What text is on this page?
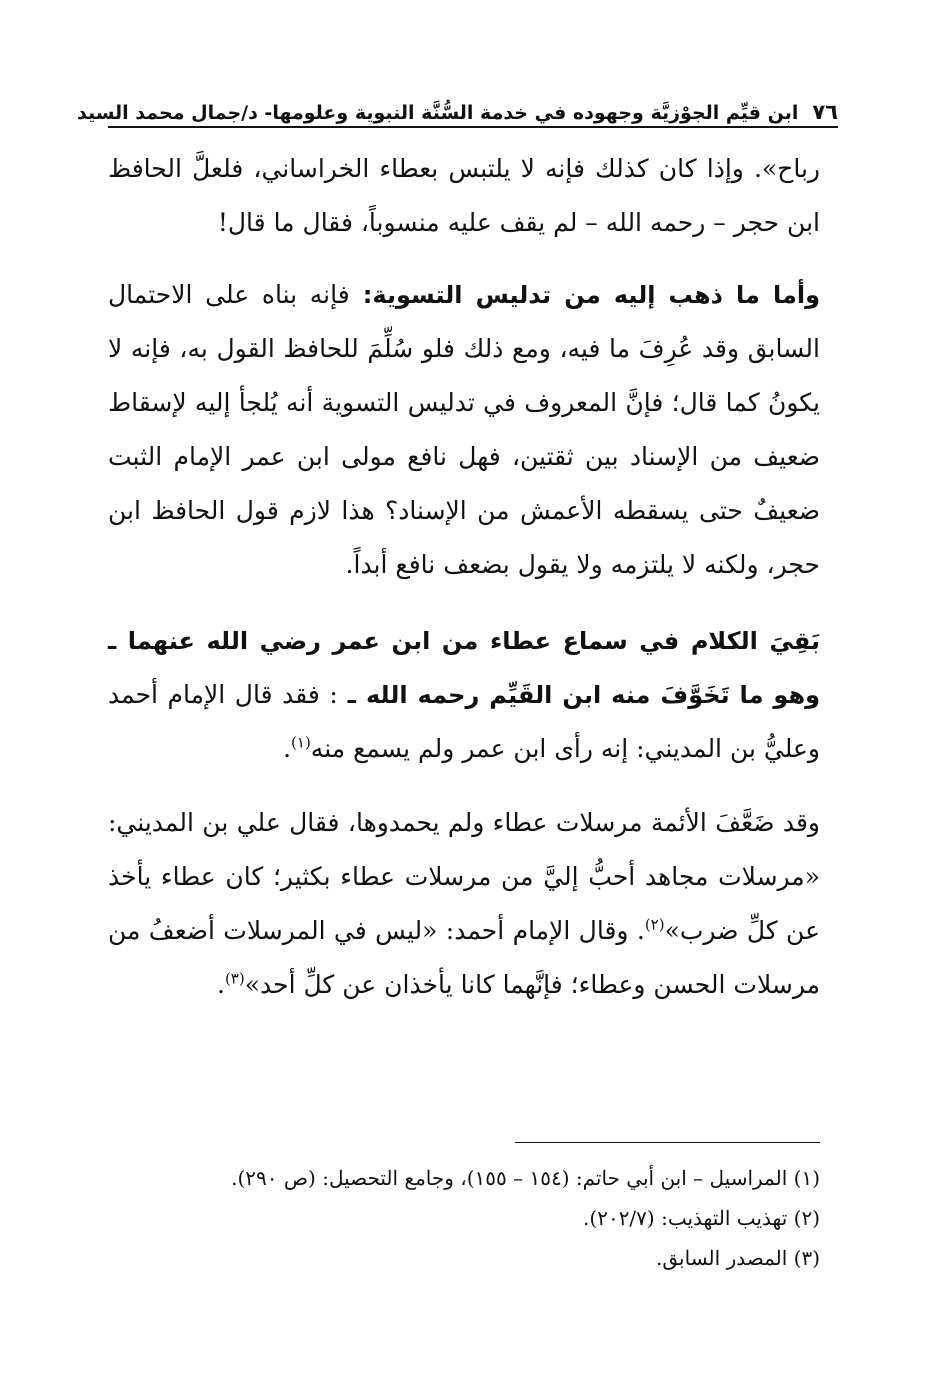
٧٦
ابن قيِّم الجوْزيَّة وجهوده في خدمة السُّنَّة النبوية وعلومها- د/جمال محمد السيد

رباح». وإذا كان كذلك فإنه لا يلتبس بعطاء الخراساني، فلعلَّ الحافظ ابن حجر – رحمه الله – لم يقف عليه منسوباً، فقال ما قال!

وأما ما ذهب إليه من تدليس التسوية: فإنه بناه على الاحتمال السابق وقد عُرِفَ ما فيه، ومع ذلك فلو سُلِّمَ للحافظ القول به، فإنه لا يكونُ كما قال؛ فإنَّ المعروف في تدليس التسوية أنه يُلجأ إليه لإسقاط ضعيف من الإسناد بين ثقتين، فهل نافع مولى ابن عمر الإمام الثبت ضعيفٌ حتى يسقطه الأعمش من الإسناد؟ هذا لازم قول الحافظ ابن حجر، ولكنه لا يلتزمه ولا يقول بضعف نافع أبداً.

بَقِيَ الكلام في سماع عطاء من ابن عمر رضي الله عنهما ـ وهو ما تَخَوَّفَ منه ابن القَيِّم رحمه الله ـ : فقد قال الإمام أحمد وعليُّ بن المديني: إنه رأى ابن عمر ولم يسمع منه$^{(١)}$.

وقد ضَعَّفَ الأئمة مرسلات عطاء ولم يحمدوها، فقال علي بن المديني: «مرسلات مجاهد أحبُّ إليَّ من مرسلات عطاء بكثير؛ كان عطاء يأخذ عن كلِّ ضرب»$^{(٢)}$. وقال الإمام أحمد: «ليس في المرسلات أضعفُ من مرسلات الحسن وعطاء؛ فإنَّهما كانا يأخذان عن كلِّ أحد»$^{(٣)}$.

(١) المراسيل – ابن أبي حاتم: (١٥٤ – ١٥٥)، وجامع التحصيل: (ص ٢٩٠).

(٢) تهذيب التهذيب: (٢٠٢/٧).

(٣) المصدر السابق.
